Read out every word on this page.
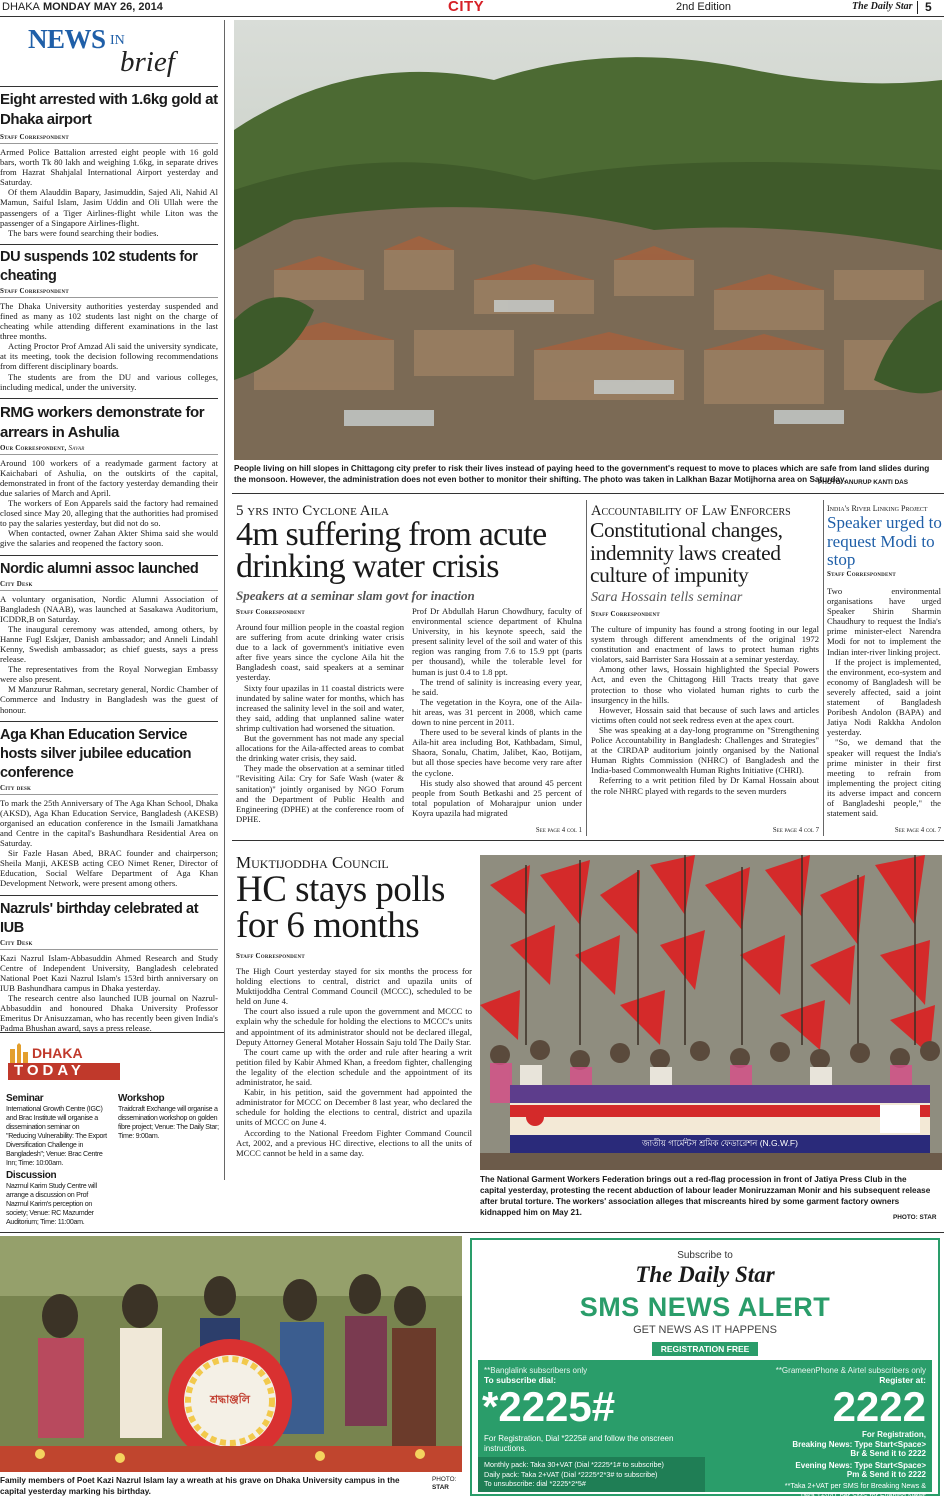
DHAKA MONDAY MAY 26, 2014	CITY	2nd Edition	The Daily Star 5
NEWS IN
brief
Eight arrested with 1.6kg gold at Dhaka airport
Staff Correspondent

Armed Police Battalion arrested eight people with 16 gold bars, worth Tk 80 lakh and weighing 1.6kg, in separate drives from Hazrat Shahjalal International Airport yesterday and Saturday.

Of them Alauddin Bapary, Jasimuddin, Sajed Ali, Nahid Al Mamun, Saiful Islam, Jasim Uddin and Oli Ullah were the passengers of a Tiger Airlines-flight while Liton was the passenger of a Singapore Airlines-flight.

The bars were found searching their bodies.

DU suspends 102 students for cheating
Staff Correspondent

The Dhaka University authorities yesterday suspended and fined as many as 102 students last night on the charge of cheating while attending different examinations in the last three months.

Acting Proctor Prof Amzad Ali said the university syndicate, at its meeting, took the decision following recommendations from different disciplinary boards.

The students are from the DU and various colleges, including medical, under the university.

RMG workers demonstrate for arrears in Ashulia
Our Correspondent, Savar

Around 100 workers of a readymade garment factory at Kaichabari of Ashulia, on the outskirts of the capital, demonstrated in front of the factory yesterday demanding their due salaries of March and April.

The workers of Eon Apparels said the factory had remained closed since May 20, alleging that the authorities had promised to pay the salaries yesterday, but did not do so.

When contacted, owner Zahan Akter Shima said she would give the salaries and reopened the factory soon.

Nordic alumni assoc launched
City Desk

A voluntary organisation, Nordic Alumni Association of Bangladesh (NAAB), was launched at Sasakawa Auditorium, ICDDR,B on Saturday.

The inaugural ceremony was attended, among others, by Hanne Fugl Eskjær, Danish ambassador; and Anneli Lindahl Kenny, Swedish ambassador; as chief guests, says a press release.

The representatives from the Royal Norwegian Embassy were also present.

M Manzurur Rahman, secretary general, Nordic Chamber of Commerce and Industry in Bangladesh was the guest of honour.

Aga Khan Education Service hosts silver jubilee education conference
City desk

To mark the 25th Anniversary of The Aga Khan School, Dhaka (AKSD), Aga Khan Education Service, Bangladesh (AKESB) organised an education conference in the Ismaili Jamatkhana and Centre in the capital's Bashundhara Residential Area on Saturday.

Sir Fazle Hasan Abed, BRAC founder and chairperson; Sheila Manji, AKESB acting CEO Nimet Rener, Director of Education, Social Welfare Department of Aga Khan Development Network, were present among others.

Nazruls' birthday celebrated at IUB
City Desk

Kazi Nazrul Islam-Abbasuddin Ahmed Research and Study Centre of Independent University, Bangladesh celebrated National Poet Kazi Nazrul Islam's 153rd birth anniversary on IUB Bashundhara campus in Dhaka yesterday.

The research centre also launched IUB journal on Nazrul-Abbasuddin and honoured Dhaka University Professor Emeritus Dr Anisuzzaman, who has recently been given India's Padma Bhushan award, says a press release.

DHAKA
TODAY
Seminar
International Growth Centre (IGC) and Brac Institute will organise a dissemination seminar on "Reducing Vulnerability: The Export Diversification Challenge in Bangladesh"; Venue: Brac Centre Inn; Time: 10:00am.
Discussion
Nazmul Karim Study Centre will arrange a discussion on Prof Nazmul Karim's perception on society; Venue: RC Mazumder Auditorium; Time: 11:00am.
Workshop
Traidcraft Exchange will organise a dissemination workshop on golden fibre project; Venue: The Daily Star; Time: 9:00am.
People living on hill slopes in Chittagong city prefer to risk their lives instead of paying heed to the government's request to move to places which are safe from land slides during the monsoon. However, the administration does not even bother to monitor their shifting. The photo was taken in Lalkhan Bazar Motijhorna area on Saturday.
PHOTO: ANURUP KANTI DAS
5 yrs into Cyclone Aila
4m suffering from acute drinking water crisis
Speakers at a seminar slam govt for inaction
Staff Correspondent

Around four million people in the coastal region are suffering from acute drinking water crisis due to a lack of government's initiative even after five years since the cyclone Aila hit the Bangladesh coast, said speakers at a seminar yesterday.

Sixty four upazilas in 11 coastal districts were inundated by saline water for months, which has increased the salinity level in the soil and water, they said, adding that unplanned saline water shrimp cultivation had worsened the situation.

But the government has not made any special allocations for the Aila-affected areas to combat the drinking water crisis, they said.

They made the observation at a seminar titled "Revisiting Aila: Cry for Safe Wash (water & sanitation)" jointly organised by NGO Forum and the Department of Public Health and Engineering (DPHE) at the conference room of DPHE.

Prof Dr Abdullah Harun Chowdhury, faculty of environmental science department of Khulna University, in his keynote speech, said the present salinity level of the soil and water of this region was ranging from 7.6 to 15.9 ppt (parts per thousand), while the tolerable level for human is just 0.4 to 1.8 ppt.

The trend of salinity is increasing every year, he said.

The vegetation in the Koyra, one of the Aila-hit areas, was 31 percent in 2008, which came down to nine percent in 2011.

There used to be several kinds of plants in the Aila-hit area including Bot, Kathbadam, Simul, Shaora, Sonalu, Chatim, Jalibet, Kao, Botijam, but all those species have become very rare after the cyclone.

His study also showed that around 45 percent people from South Betkashi and 25 percent of total population of Moharajpur union under Koyra upazila had migrated

See page 4 col 1
Accountability of Law Enforcers
Constitutional changes, indemnity laws created culture of impunity
Sara Hossain tells seminar
Staff Correspondent

The culture of impunity has found a strong footing in our legal system through different amendments of the original 1972 constitution and enactment of laws to protect human rights violators, said Barrister Sara Hossain at a seminar yesterday.

Among other laws, Hossain highlighted the Special Powers Act, and even the Chittagong Hill Tracts treaty that gave protection to those who violated human rights to curb the insurgency in the hills.

However, Hossain said that because of such laws and articles victims often could not seek redress even at the apex court.

She was speaking at a day-long programme on "Strengthening Police Accountability in Bangladesh: Challenges and Strategies" at the CIRDAP auditorium jointly organised by the National Human Rights Commission (NHRC) of Bangladesh and the India-based Commonwealth Human Rights Initiative (CHRI).

Referring to a writ petition filed by Dr Kamal Hossain about the role NHRC played with regards to the seven murders

See page 4 col 7
India's River Linking Project
Speaker urged to request Modi to stop
Staff Correspondent

Two environmental organisations have urged Speaker Shirin Sharmin Chaudhury to request the India's prime minister-elect Narendra Modi for not to implement the Indian inter-river linking project.

If the project is implemented, the environment, eco-system and economy of Bangladesh will be severely affected, said a joint statement of Bangladesh Poribesh Andolon (BAPA) and Jatiya Nodi Rakkha Andolon yesterday.

"So, we demand that the speaker will request the India's prime minister in their first meeting to refrain from implementing the project citing its adverse impact and concern of Bangladeshi people," the statement said.

See page 4 col 7
Muktijoddha Council
HC stays polls for 6 months
Staff Correspondent

The High Court yesterday stayed for six months the process for holding elections to central, district and upazila units of Muktijoddha Central Command Council (MCCC), scheduled to be held on June 4.

The court also issued a rule upon the government and MCCC to explain why the schedule for holding the elections to MCCC's units and appointment of its administrator should not be declared illegal, Deputy Attorney General Motaher Hossain Saju told The Daily Star.

The court came up with the order and rule after hearing a writ petition filed by Kabir Ahmed Khan, a freedom fighter, challenging the legality of the election schedule and the appointment of its administrator, he said.

Kabir, in his petition, said the government had appointed the administrator for MCCC on December 8 last year, who declared the schedule for holding the elections to central, district and upazila units of MCCC on June 4.

According to the National Freedom Fighter Command Council Act, 2002, and a previous HC directive, elections to all the units of MCCC cannot be held in a same day.

জাতীয় গার্মেন্টস শ্রমিক ফেডারেশন (N.G.W.F)
The National Garment Workers Federation brings out a red-flag procession in front of Jatiya Press Club in the capital yesterday, protesting the recent abduction of labour leader Moniruzzaman Monir and his subsequent release after brutal torture. The workers' association alleges that miscreants hired by some garment factory owners kidnapped him on May 21.
PHOTO: STAR
শ্রদ্ধাঞ্জলি
Family members of Poet Kazi Nazrul Islam lay a wreath at his grave on Dhaka University campus in the capital yesterday marking his birthday.
PHOTO:
STAR
Subscribe to
The Daily Star
SMS NEWS ALERT
GET NEWS AS IT HAPPENS
REGISTRATION FREE
**Banglalink subscribers only
To subscribe dial:
*2225#
For Registration, Dial *2225# and follow the onscreen instructions.
Monthly pack: Taka 30+VAT (Dial *2225*1# to subscribe)
Daily pack: Taka 2+VAT (Dial *2225*2*3# to subscribe)
To unsubscribe: dial *2225*2*5#
**GrameenPhone & Airtel subscribers only
Register at:
2222
For Registration,
Breaking News: Type Start<Space>
Br & Send it to 2222
Evening News: Type Start<Space>
Pm & Send it to 2222
**Taka 2+VAT per SMS for Breaking News &
Taka 1+VAT per SMS for Evening News
